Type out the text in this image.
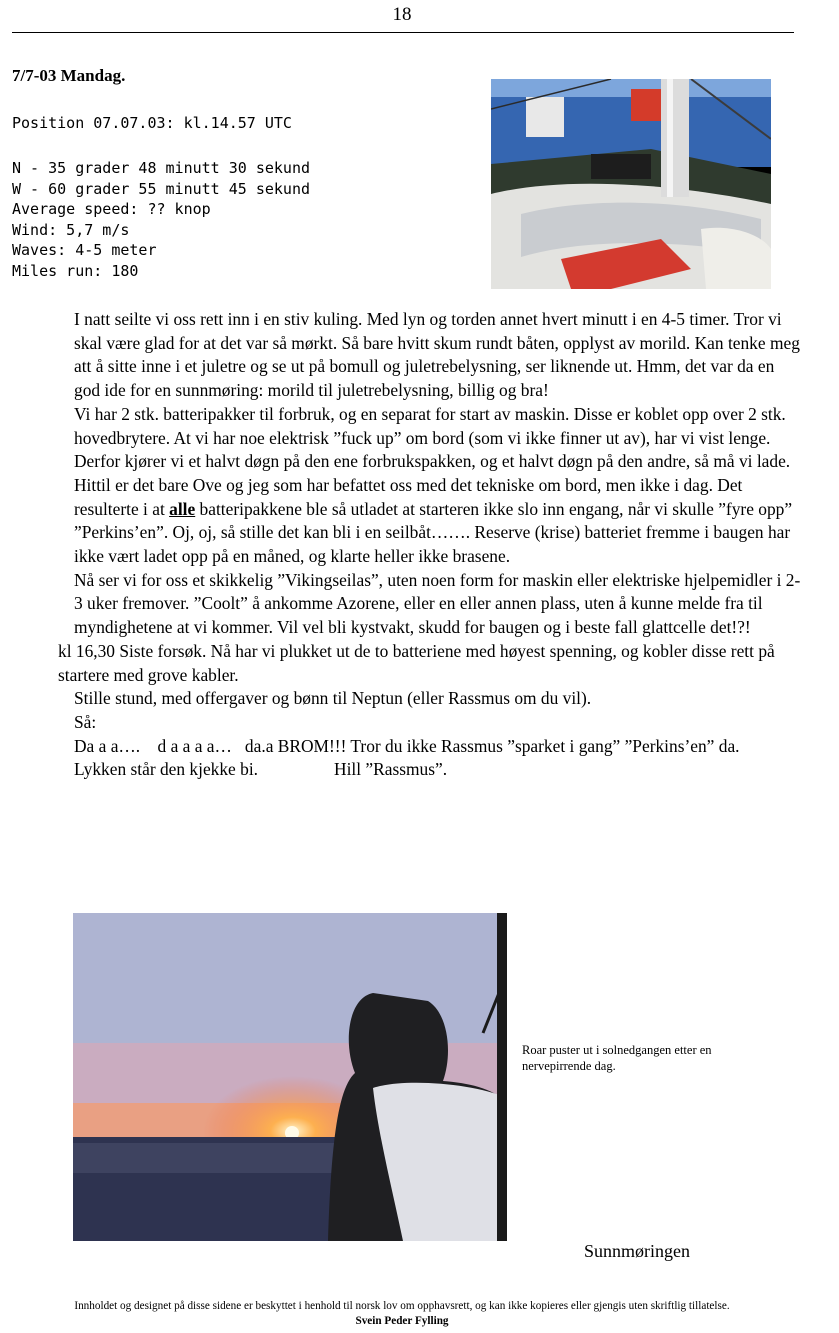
18
7/7-03 Mandag.
Position 07.07.03: kl.14.57 UTC
N - 35 grader 48 minutt 30 sekund
W - 60 grader 55 minutt 45 sekund
Average speed: ?? knop
Wind: 5,7 m/s
Waves: 4-5 meter
Miles run: 180

I natt seilte vi oss rett inn i en stiv kuling. Med lyn og torden annet hvert minutt i en 4-5 timer. Tror vi skal være glad for at det var så mørkt. Så bare hvitt skum rundt båten, opplyst av morild. Kan tenke meg att å sitte inne i et juletre og se ut på bomull og juletrebelysning, ser liknende ut. Hmm, det var da en god ide for en sunnmøring: morild til juletrebelysning, billig og bra!

Vi har 2 stk. batteripakker til forbruk, og en separat for start av maskin. Disse er koblet opp over 2 stk. hovedbrytere. At vi har noe elektrisk ”fuck up” om bord (som vi ikke finner ut av), har vi vist lenge. Derfor kjører vi et halvt døgn på den ene forbrukspakken, og et halvt døgn på den andre, så må vi lade. Hittil er det bare Ove og jeg som har befattet oss med det tekniske om bord, men ikke i dag. Det resulterte i at alle batteripakkene ble så utladet at starteren ikke slo inn engang, når vi skulle ”fyre opp” ”Perkins’en”. Oj, oj, så stille det kan bli i en seilbåt……. Reserve (krise) batteriet fremme i baugen har ikke vært ladet opp på en måned, og klarte heller ikke brasene.

Nå ser vi for oss et skikkelig ”Vikingseilas”, uten noen form for maskin eller elektriske hjelpemidler i 2-3 uker fremover. ”Coolt” å ankomme Azorene, eller en eller annen plass, uten å kunne melde fra til myndighetene at vi kommer. Vil vel bli kystvakt, skudd for baugen og i beste fall glattcelle det!?!

kl 16,30 Siste forsøk. Nå har vi plukket ut de to batteriene med høyest spenning, og kobler disse rett på startere med grove kabler.

Stille stund, med offergaver og bønn til Neptun (eller Rassmus om du vil).

Så:

Da a a….    d a a a a…   da.a BROM!!! Tror du ikke Rassmus ”sparket i gang” ”Perkins’en” da.

Lykken står den kjekke bi.	Hill ”Rassmus”.

Roar puster ut i solnedgangen etter en nervepirrende dag.
Sunnmøringen
Innholdet og designet på disse sidene er beskyttet i henhold til norsk lov om opphavsrett, og kan ikke kopieres eller gjengis uten skriftlig tillatelse.
Svein Peder Fylling
